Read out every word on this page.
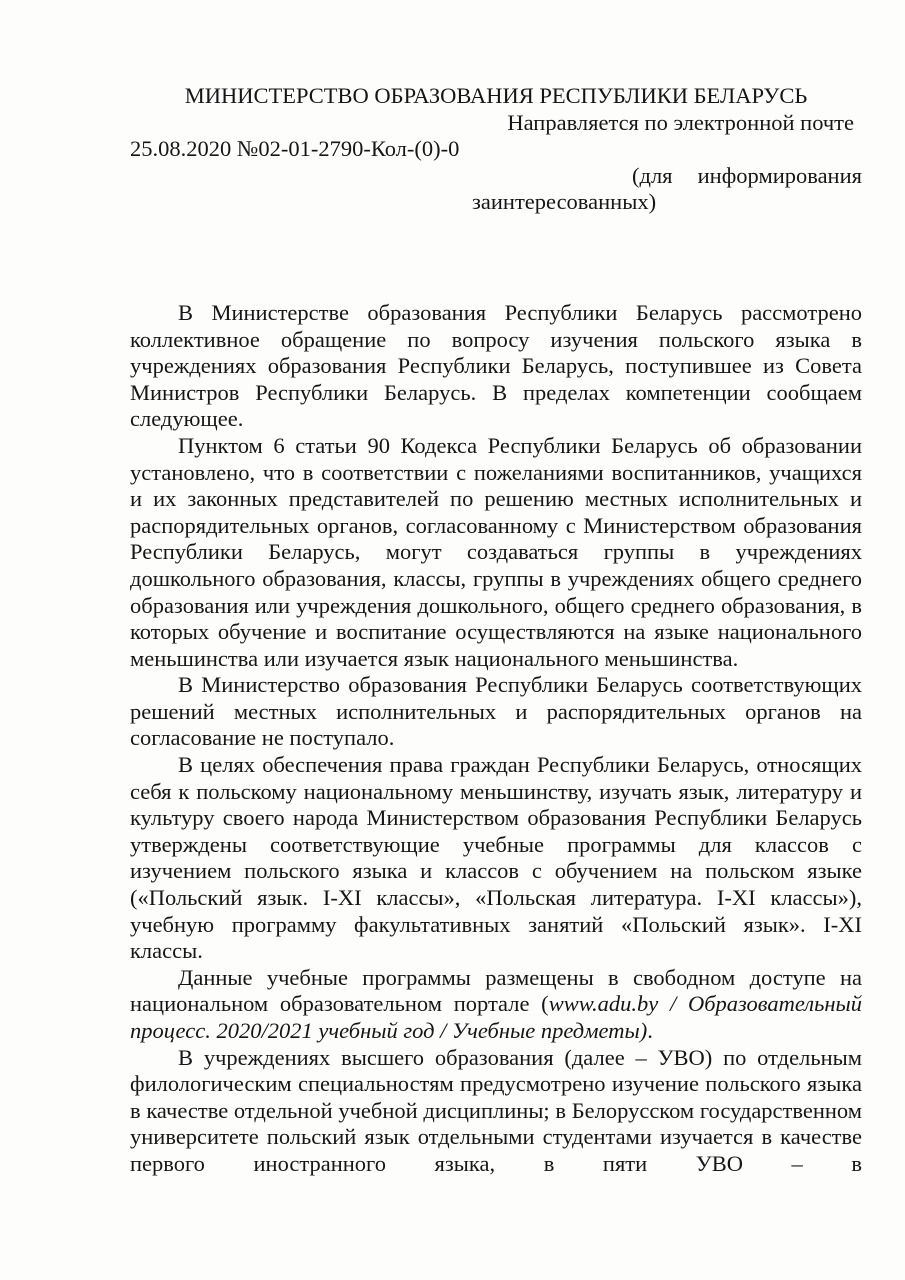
МИНИСТЕРСТВО ОБРАЗОВАНИЯ РЕСПУБЛИКИ БЕЛАРУСЬ
Направляется по электронной почте
25.08.2020 №02-01-2790-Кол-(0)-0
(для информирования заинтересованных)

В Министерстве образования Республики Беларусь рассмотрено коллективное обращение по вопросу изучения польского языка в учреждениях образования Республики Беларусь, поступившее из Совета Министров Республики Беларусь. В пределах компетенции сообщаем следующее.

Пунктом 6 статьи 90 Кодекса Республики Беларусь об образовании установлено, что в соответствии с пожеланиями воспитанников, учащихся и их законных представителей по решению местных исполнительных и распорядительных органов, согласованному с Министерством образования Республики Беларусь, могут создаваться группы в учреждениях дошкольного образования, классы, группы в учреждениях общего среднего образования или учреждения дошкольного, общего среднего образования, в которых обучение и воспитание осуществляются на языке национального меньшинства или изучается язык национального меньшинства.

В Министерство образования Республики Беларусь соответствующих решений местных исполнительных и распорядительных органов на согласование не поступало.

В целях обеспечения права граждан Республики Беларусь, относящих себя к польскому национальному меньшинству, изучать язык, литературу и культуру своего народа Министерством образования Республики Беларусь утверждены соответствующие учебные программы для классов с изучением польского языка и классов с обучением на польском языке («Польский язык. I-XI классы», «Польская литература. I-XI классы»), учебную программу факультативных занятий «Польский язык». I-XI классы.

Данные учебные программы размещены в свободном доступе на национальном образовательном портале (www.adu.by / Образовательный процесс. 2020/2021 учебный год / Учебные предметы).

В учреждениях высшего образования (далее – УВО) по отдельным филологическим специальностям предусмотрено изучение польского языка в качестве отдельной учебной дисциплины; в Белорусском государственном университете польский язык отдельными студентами изучается в качестве первого иностранного языка, в пяти УВО – в
